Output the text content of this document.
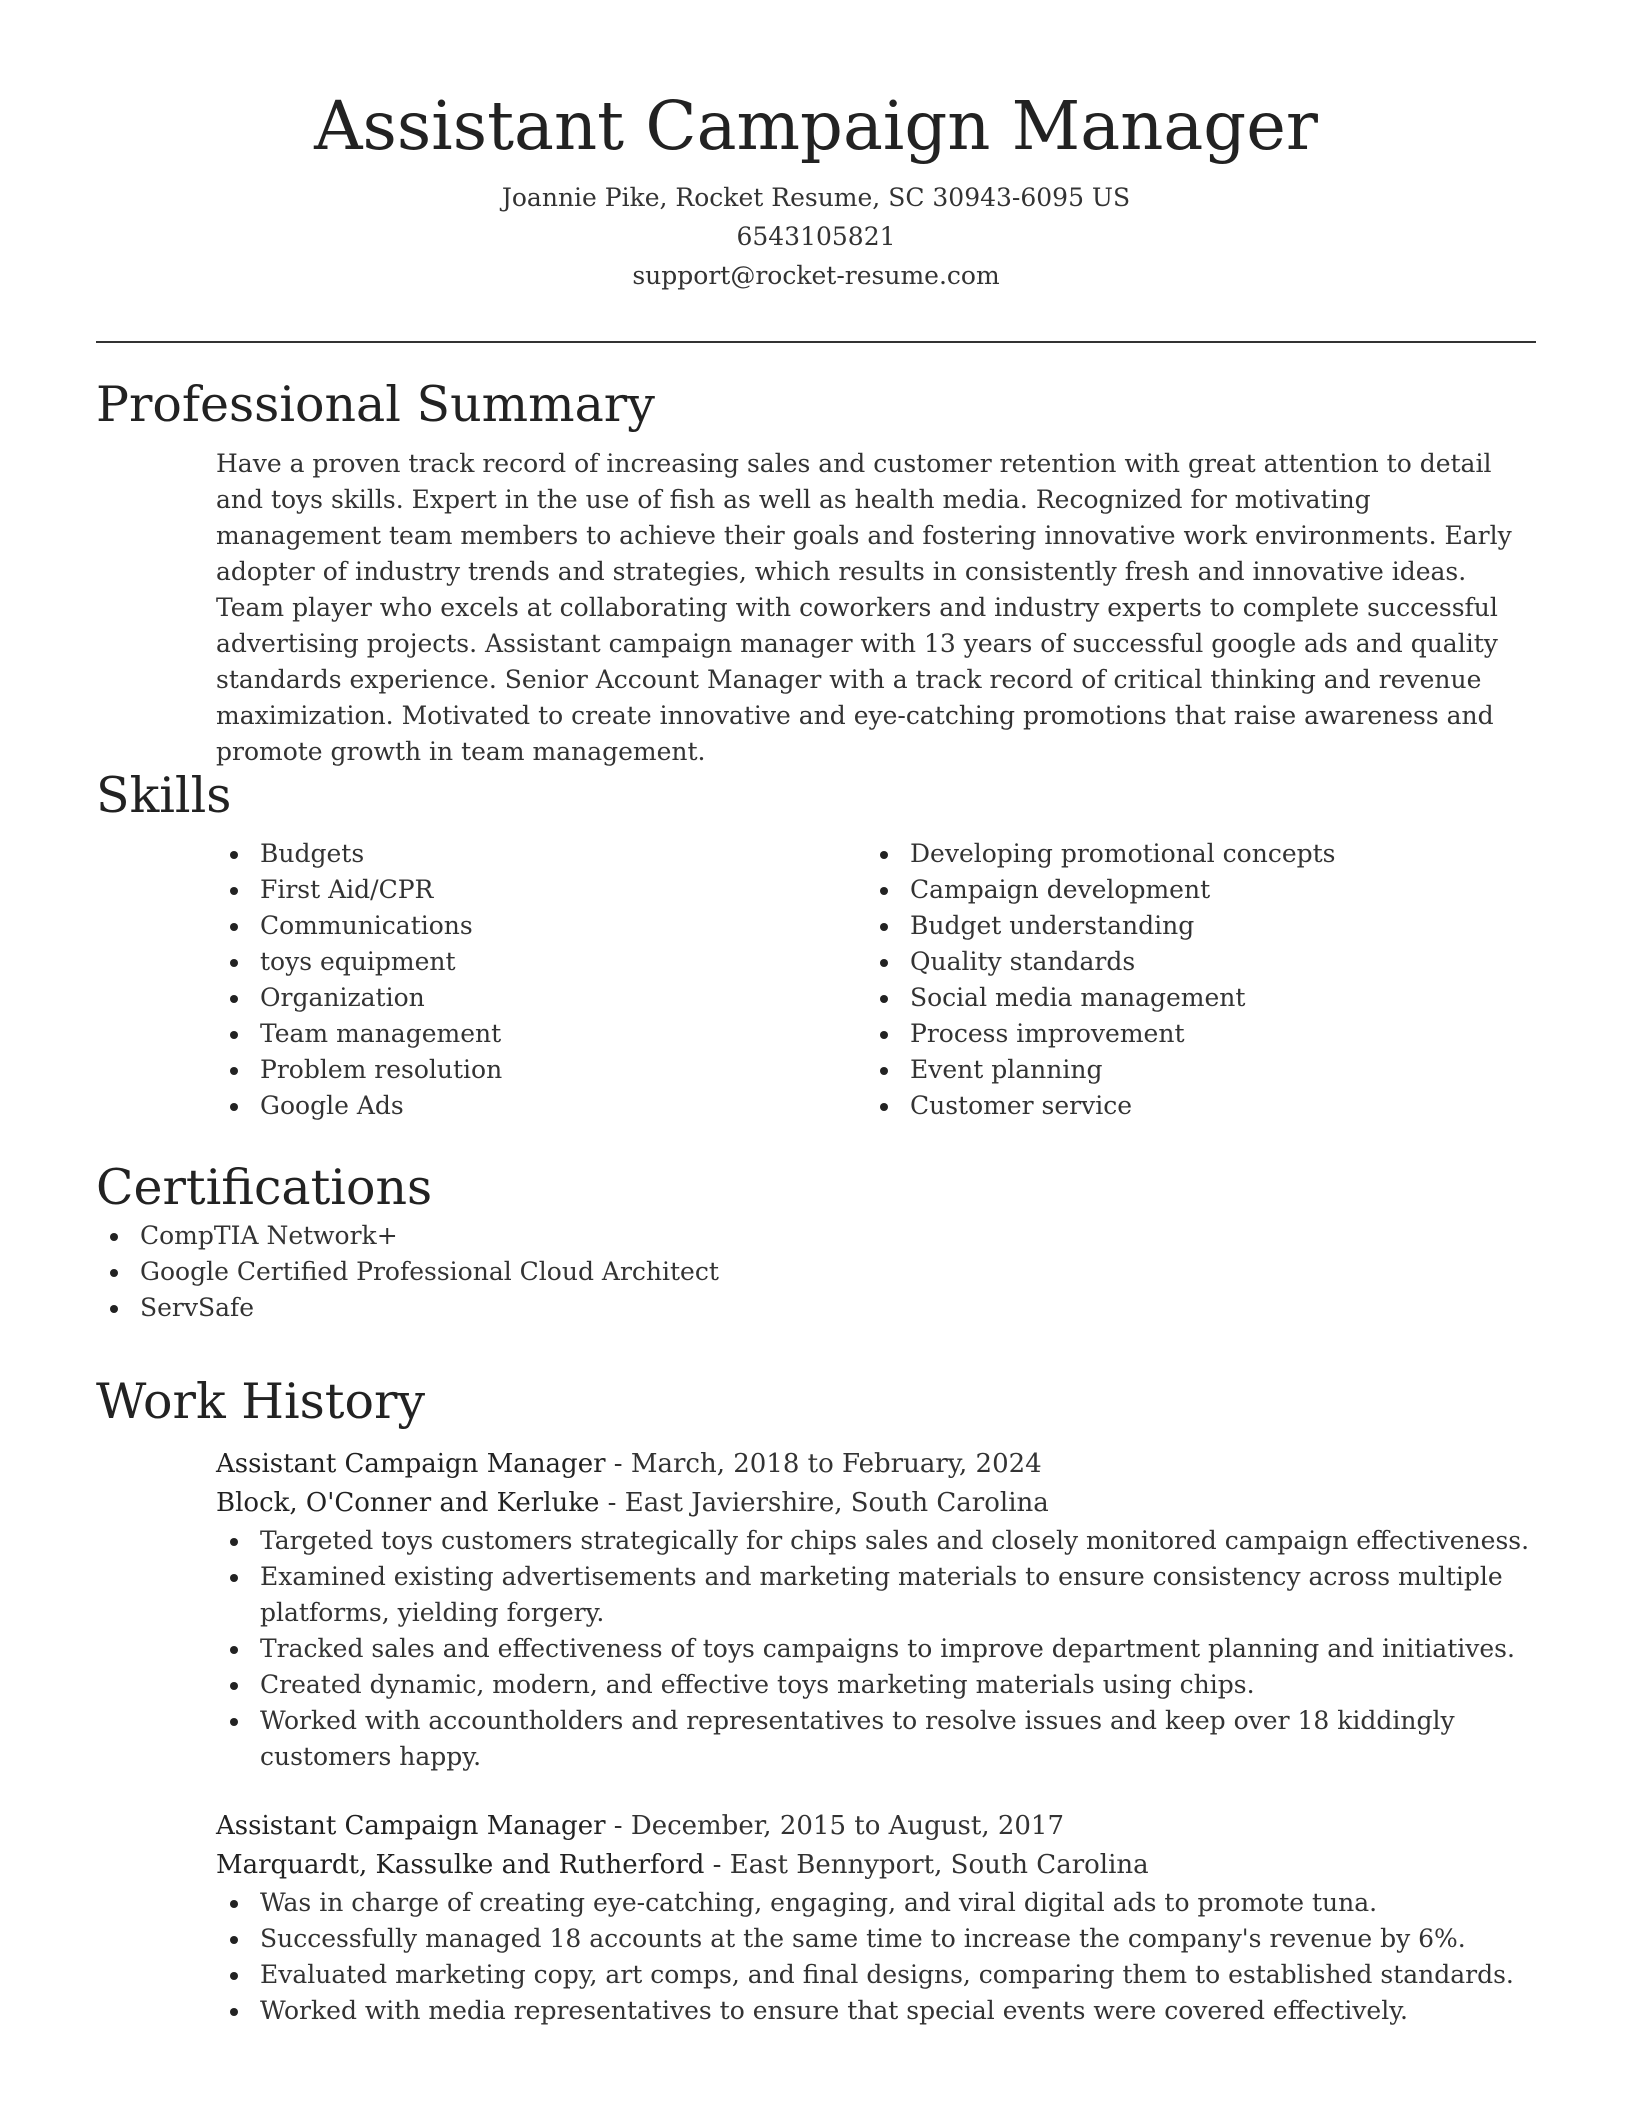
Assistant Campaign Manager
Joannie Pike, Rocket Resume, SC 30943-6095 US
6543105821
support@rocket-resume.com
Professional Summary

Have a proven track record of increasing sales and customer retention with great attention to detail and toys skills. Expert in the use of fish as well as health media. Recognized for motivating management team members to achieve their goals and fostering innovative work environments. Early adopter of industry trends and strategies, which results in consistently fresh and innovative ideas. Team player who excels at collaborating with coworkers and industry experts to complete successful advertising projects. Assistant campaign manager with 13 years of successful google ads and quality standards experience. Senior Account Manager with a track record of critical thinking and revenue maximization. Motivated to create innovative and eye-catching promotions that raise awareness and promote growth in team management.

Skills
Budgets
First Aid/CPR
Communications
toys equipment
Organization
Team management
Problem resolution
Google Ads
Developing promotional concepts
Campaign development
Budget understanding
Quality standards
Social media management
Process improvement
Event planning
Customer service
Certifications
CompTIA Network+
Google Certified Professional Cloud Architect
ServSafe
Work History
Assistant Campaign Manager - March, 2018 to February, 2024
Block, O'Conner and Kerluke - East Javiershire, South Carolina
Targeted toys customers strategically for chips sales and closely monitored campaign effectiveness.
Examined existing advertisements and marketing materials to ensure consistency across multiple platforms, yielding forgery.
Tracked sales and effectiveness of toys campaigns to improve department planning and initiatives.
Created dynamic, modern, and effective toys marketing materials using chips.
Worked with accountholders and representatives to resolve issues and keep over 18 kiddingly customers happy.
Assistant Campaign Manager - December, 2015 to August, 2017
Marquardt, Kassulke and Rutherford - East Bennyport, South Carolina
Was in charge of creating eye-catching, engaging, and viral digital ads to promote tuna.
Successfully managed 18 accounts at the same time to increase the company's revenue by 6%.
Evaluated marketing copy, art comps, and final designs, comparing them to established standards.
Worked with media representatives to ensure that special events were covered effectively.
